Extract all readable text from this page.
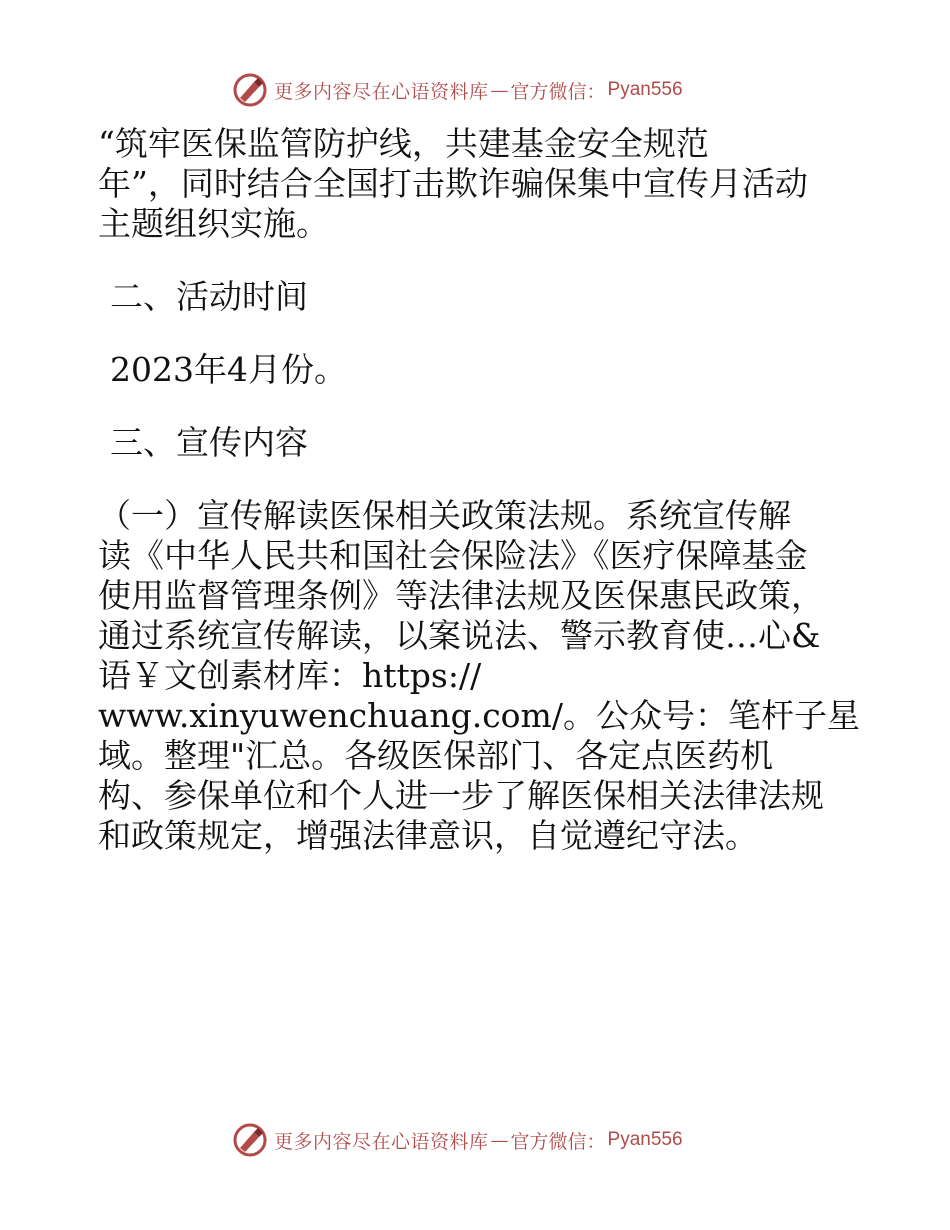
更多内容尽在心语资料库 — 官方微信： Pyan556

“筑牢医保监管防护线，共建基金安全规范

年”，同时结合全国打击欺诈骗保集中宣传月活动

主题组织实施。

二、活动时间

2023年4月份。

三、宣传内容

（一）宣传解读医保相关政策法规。系统宣传解

读《中华人民共和国社会保险法》《医疗保障基金

使用监督管理条例》等法律法规及医保惠民政策，

通过系统宣传解读，以案说法、警示教育使…心&

语￥文创素材库：https://

www.xinyuwenchuang.com/。公众号：笔杆子星

域。整理"汇总。各级医保部门、各定点医药机

构、参保单位和个人进一步了解医保相关法律法规

和政策规定，增强法律意识，自觉遵纪守法。

更多内容尽在心语资料库 — 官方微信： Pyan556
